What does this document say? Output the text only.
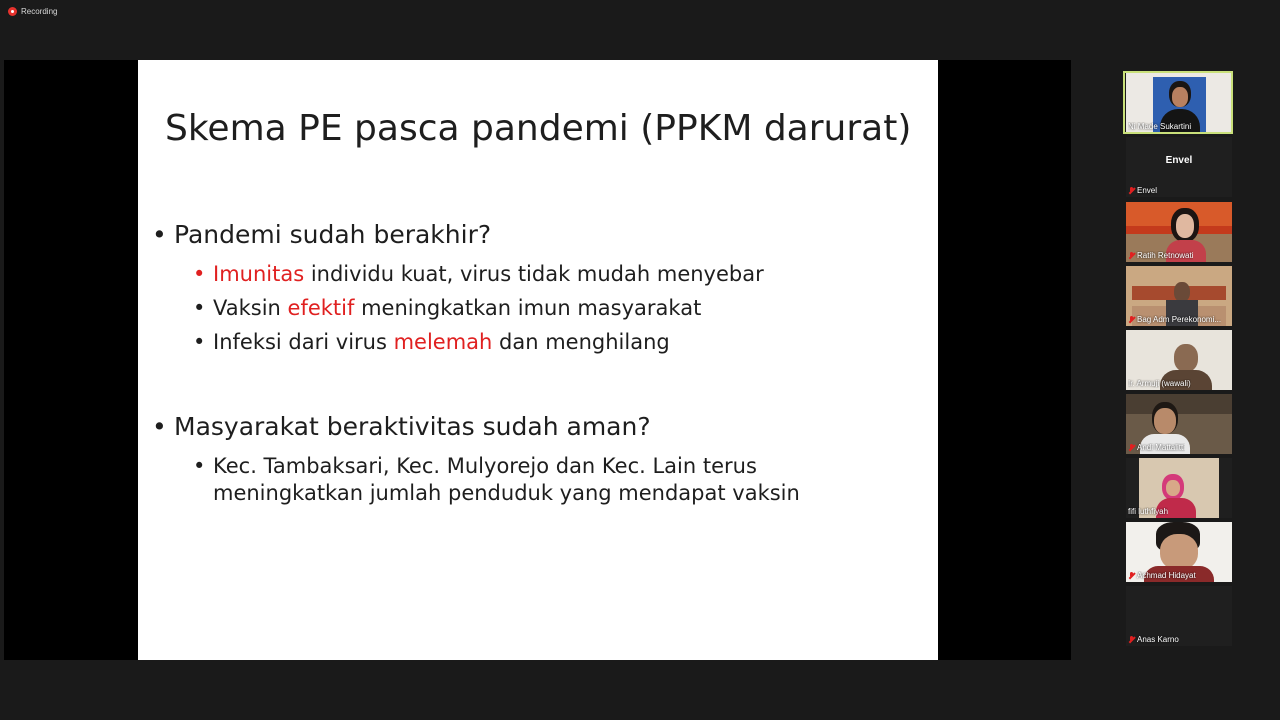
Recording
Skema PE pasca pandemi (PPKM darurat)
• Pandemi sudah berakhir?
• Imunitas individu kuat, virus tidak mudah menyebar
• Vaksin efektif meningkatkan imun masyarakat
• Infeksi dari virus melemah dan menghilang
• Masyarakat beraktivitas sudah aman?
• Kec. Tambaksari, Kec. Mulyorejo dan Kec. Lain terus
meningkatkan jumlah penduduk yang mendapat vaksin
Ni Made Sukartini
Envel
Envel
Ratih Retnowati
Bag Adm Perekonomi...
Ir. Armuji (wawali)
Andi Mattalitti
fifi luthfiyah
Achmad Hidayat
Anas Karno
